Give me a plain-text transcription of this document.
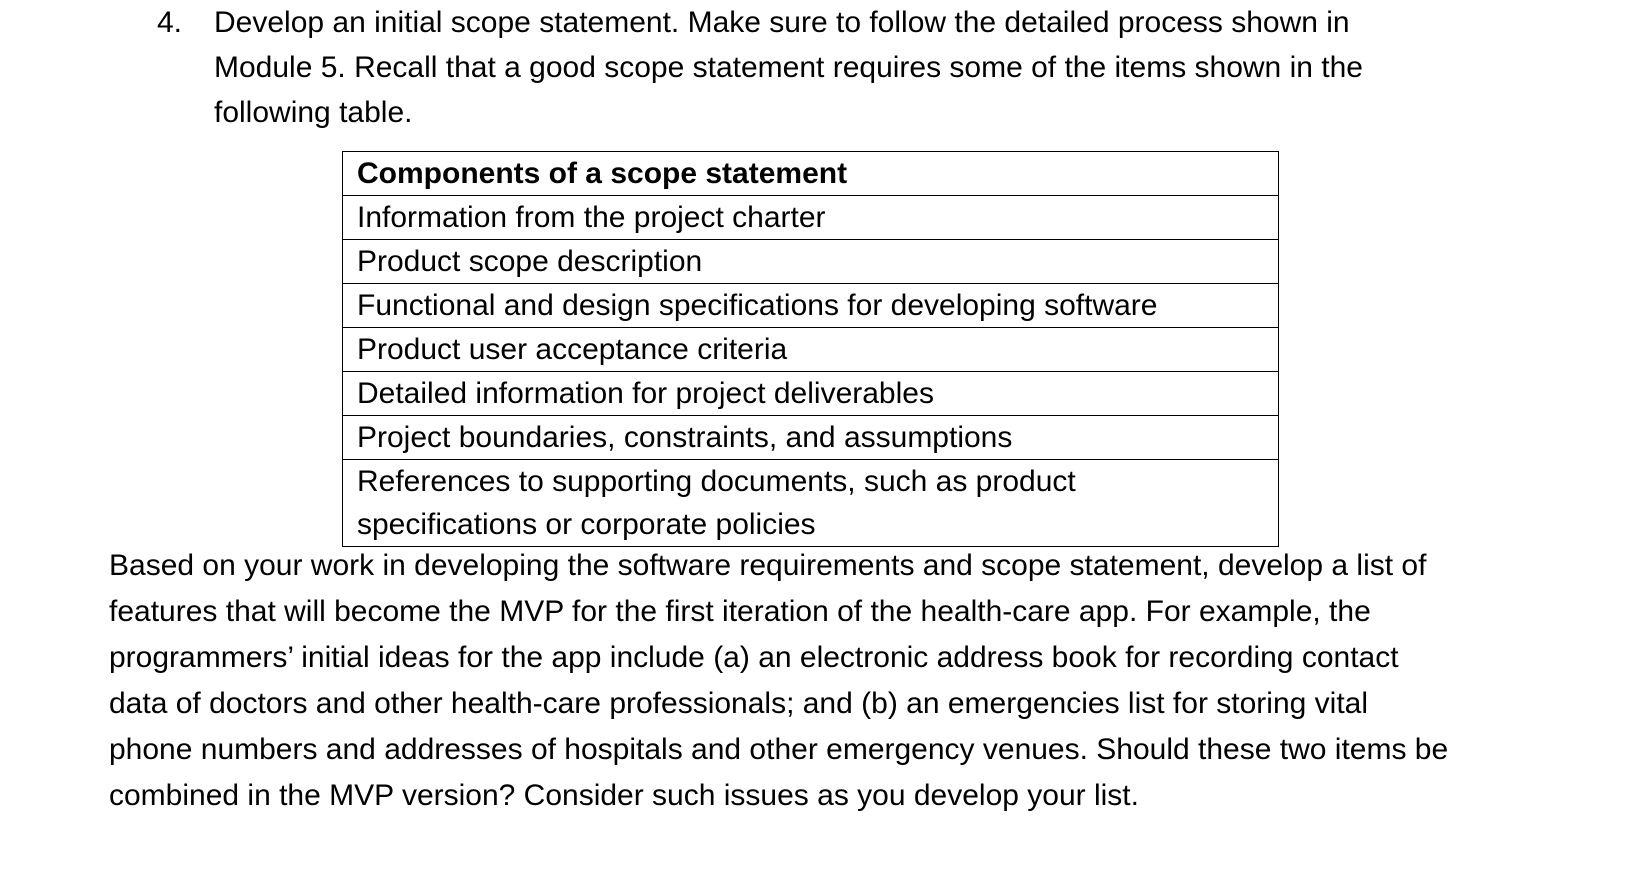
4.	Develop an initial scope statement. Make sure to follow the detailed process shown in Module 5. Recall that a good scope statement requires some of the items shown in the following table.
Components of a scope statement
Information from the project charter
Product scope description
Functional and design specifications for developing software
Product user acceptance criteria
Detailed information for project deliverables
Project boundaries, constraints, and assumptions
References to supporting documents, such as product specifications or corporate policies

Based on your work in developing the software requirements and scope statement, develop a list of features that will become the MVP for the first iteration of the health-care app. For example, the programmers’ initial ideas for the app include (a) an electronic address book for recording contact data of doctors and other health-care professionals; and (b) an emergencies list for storing vital phone numbers and addresses of hospitals and other emergency venues. Should these two items be combined in the MVP version? Consider such issues as you develop your list.
